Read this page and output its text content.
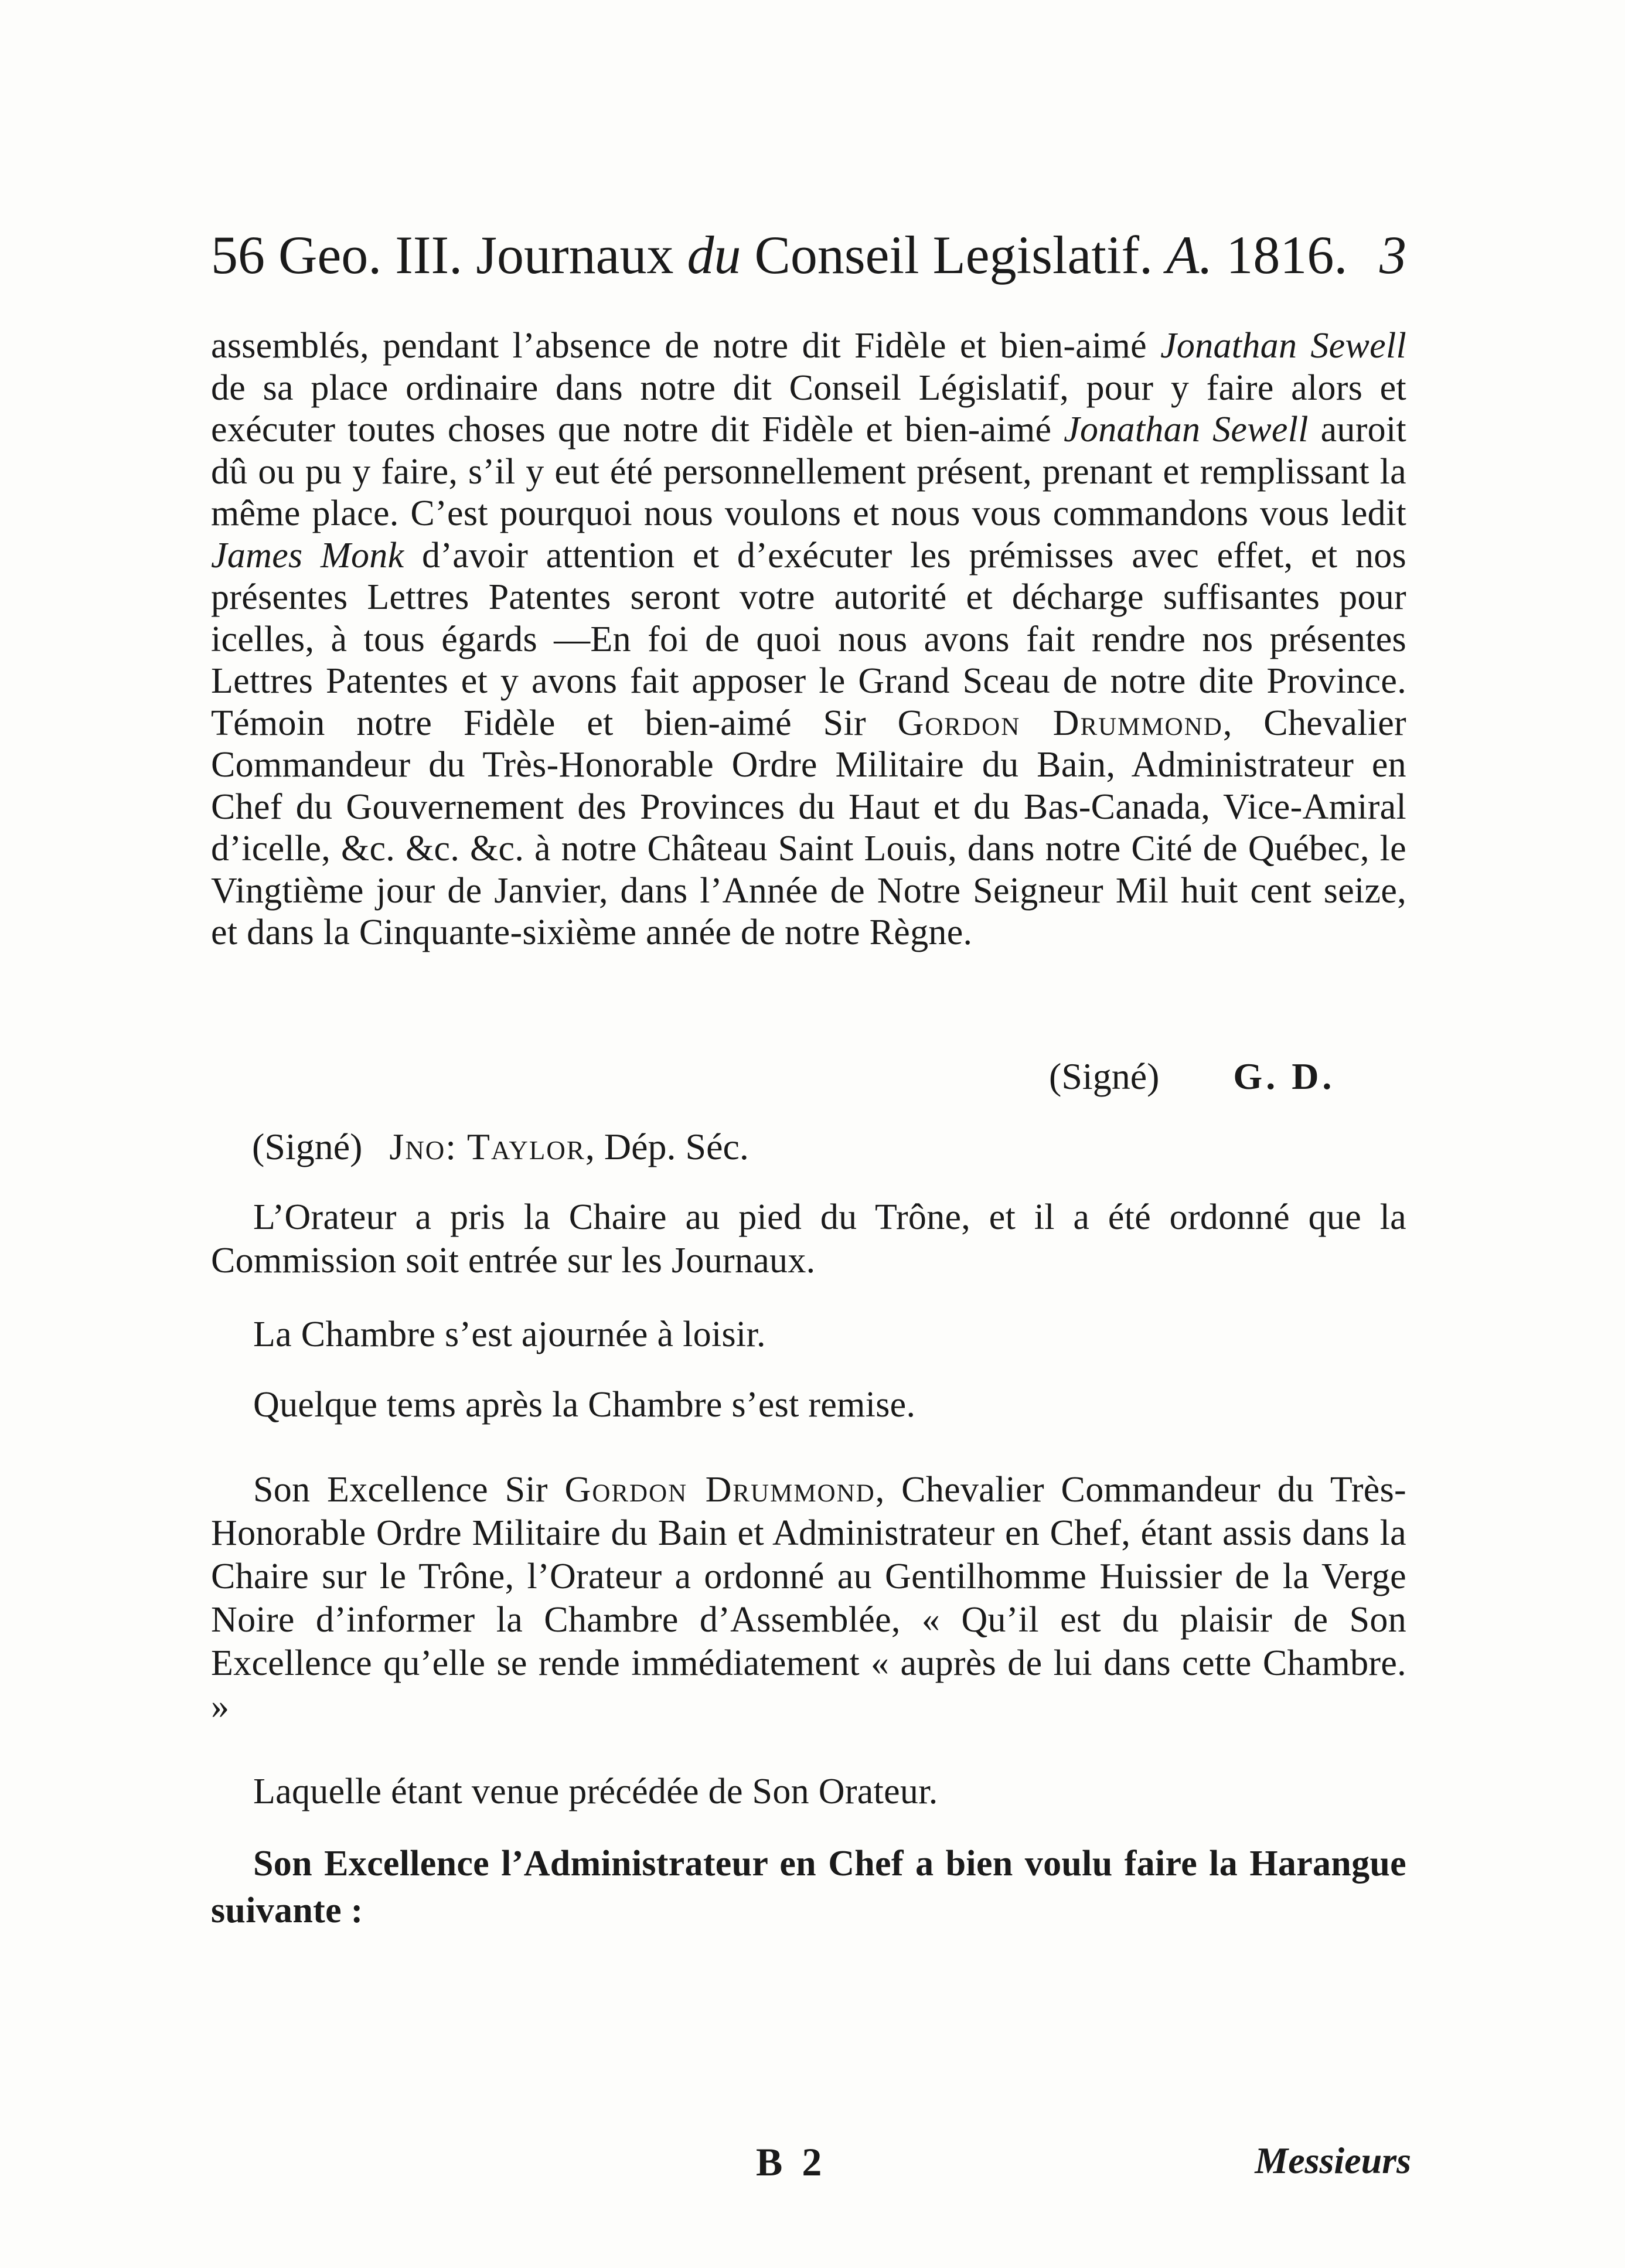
56 Geo. III. Journaux du Conseil Legislatif. A. 1816. 3

assemblés, pendant l’absence de notre dit Fidèle et bien-aimé Jonathan Sewell de sa place ordinaire dans notre dit Conseil Législatif, pour y faire alors et exécuter toutes choses que notre dit Fidèle et bien-aimé Jonathan Sewell auroit dû ou pu y faire, s’il y eut été personnellement présent, prenant et remplissant la même place. C’est pourquoi nous voulons et nous vous commandons vous ledit James Monk d’avoir attention et d’exécuter les prémisses avec effet, et nos présentes Lettres Patentes seront votre autorité et décharge suffisantes pour icelles, à tous égards —En foi de quoi nous avons fait rendre nos présentes Lettres Patentes et y avons fait apposer le Grand Sceau de notre dite Province. Témoin notre Fidèle et bien-aimé Sir Gordon Drummond, Chevalier Commandeur du Très-Honorable Ordre Militaire du Bain, Administrateur en Chef du Gouvernement des Provinces du Haut et du Bas-Canada, Vice-Amiral d’icelle, &c. &c. &c. à notre Château Saint Louis, dans notre Cité de Québec, le Vingtième jour de Janvier, dans l’Année de Notre Seigneur Mil huit cent seize, et dans la Cinquante-sixième année de notre Règne.

(Signé) G. D.
(Signé) Jno: Taylor, Dép. Séc.

L’Orateur a pris la Chaire au pied du Trône, et il a été ordonné que la Commission soit entrée sur les Journaux.

La Chambre s’est ajournée à loisir.

Quelque tems après la Chambre s’est remise.

Son Excellence Sir Gordon Drummond, Chevalier Commandeur du Très-Honorable Ordre Militaire du Bain et Administrateur en Chef, étant assis dans la Chaire sur le Trône, l’Orateur a ordonné au Gentilhomme Huissier de la Verge Noire d’informer la Chambre d’Assemblée, « Qu’il est du plaisir de Son Excellence qu’elle se rende immédiatement « auprès de lui dans cette Chambre. »

Laquelle étant venue précédée de Son Orateur.

Son Excellence l’Administrateur en Chef a bien voulu faire la Harangue suivante :

B 2	Messieurs
